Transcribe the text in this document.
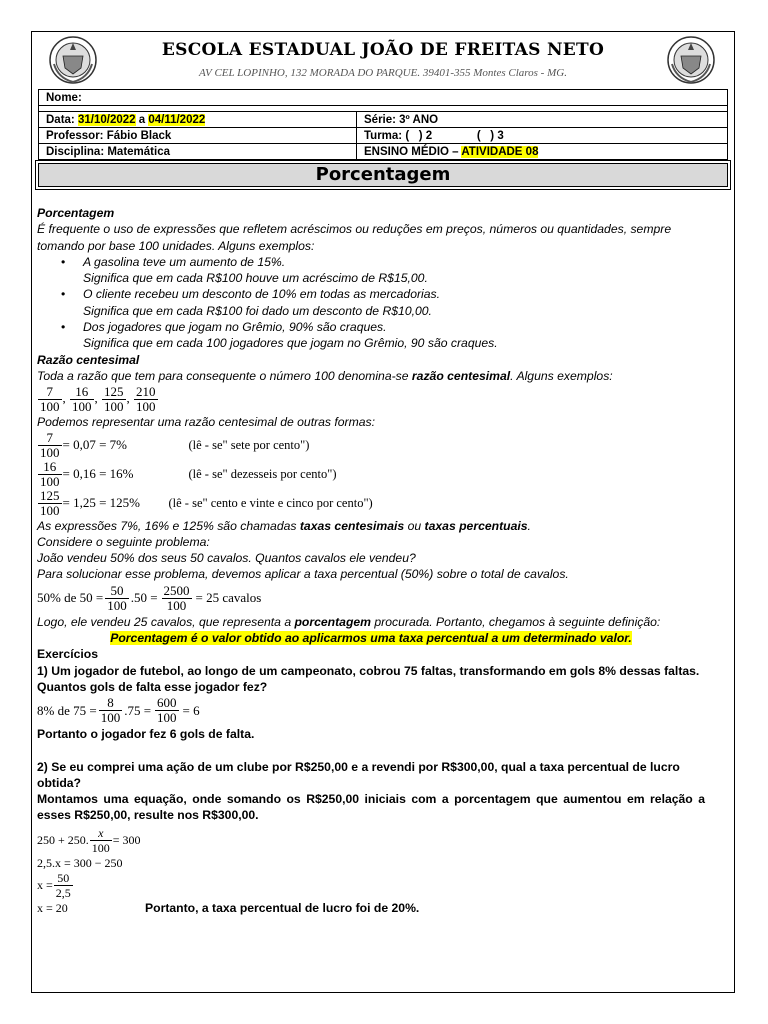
ESCOLA ESTADUAL JOÃO DE FREITAS NETO
AV CEL LOPINHO, 132 MORADA DO PARQUE. 39401-355 Montes Claros - MG.
Nome:	

Data: 31/10/2022 a 04/11/2022	Série: 3º ANO
Professor: Fábio Black	Turma: (   ) 2              (   ) 3
Disciplina: Matemática	ENSINO MÉDIO – ATIVIDADE 08
Porcentagem
Porcentagem
É frequente o uso de expressões que refletem acréscimos ou reduções em preços, números ou quantidades, sempre tomando por base 100 unidades. Alguns exemplos:
• A gasolina teve um aumento de 15%.
Significa que em cada R$100 houve um acréscimo de R$15,00.
• O cliente recebeu um desconto de 10% em todas as mercadorias.
Significa que em cada R$100 foi dado um desconto de R$10,00.
• Dos jogadores que jogam no Grêmio, 90% são craques.
Significa que em cada 100 jogadores que jogam no Grêmio, 90 são craques.
Razão centesimal
Toda a razão que tem para consequente o número 100 denomina-se razão centesimal. Alguns exemplos:
$\frac{7}{100}$ , $\frac{16}{100}$ , $\frac{125}{100}$ , $\frac{210}{100}$
Podemos representar uma razão centesimal de outras formas:
$\frac{7}{100} = 0,07 = 7\%$	(lê - se" sete por cento")
$\frac{16}{100} = 0,16 = 16\%$	(lê - se" dezesseis por cento")
$\frac{125}{100} = 1,25 = 125\%$	(lê - se" cento e vinte e cinco por cento")
As expressões 7%, 16% e 125% são chamadas taxas centesimais ou taxas percentuais.
Considere o seguinte problema:
João vendeu 50% dos seus 50 cavalos. Quantos cavalos ele vendeu?
Para solucionar esse problema, devemos aplicar a taxa percentual (50%) sobre o total de cavalos.
50% de $50 = \frac{50}{100} .50 = \frac{2500}{100} = 25$ cavalos
Logo, ele vendeu 25 cavalos, que representa a porcentagem procurada. Portanto, chegamos à seguinte definição:
Porcentagem é o valor obtido ao aplicarmos uma taxa percentual a um determinado valor.
Exercícios
1) Um jogador de futebol, ao longo de um campeonato, cobrou 75 faltas, transformando em gols 8% dessas faltas. Quantos gols de falta esse jogador fez?
8% de $75 = \frac{8}{100} .75 = \frac{600}{100} = 6$
Portanto o jogador fez 6 gols de falta.
2) Se eu comprei uma ação de um clube por R$250,00 e a revendi por R$300,00, qual a taxa percentual de lucro obtida?
Montamos uma equação, onde somando os R$250,00 iniciais com a porcentagem que aumentou em relação a esses R$250,00, resulte nos R$300,00.
250 + 250. $\frac{x}{100} = 300$
2,5.x = 300 − 250
$x = \frac{50}{2,5}$
x = 20	Portanto, a taxa percentual de lucro foi de 20%.
